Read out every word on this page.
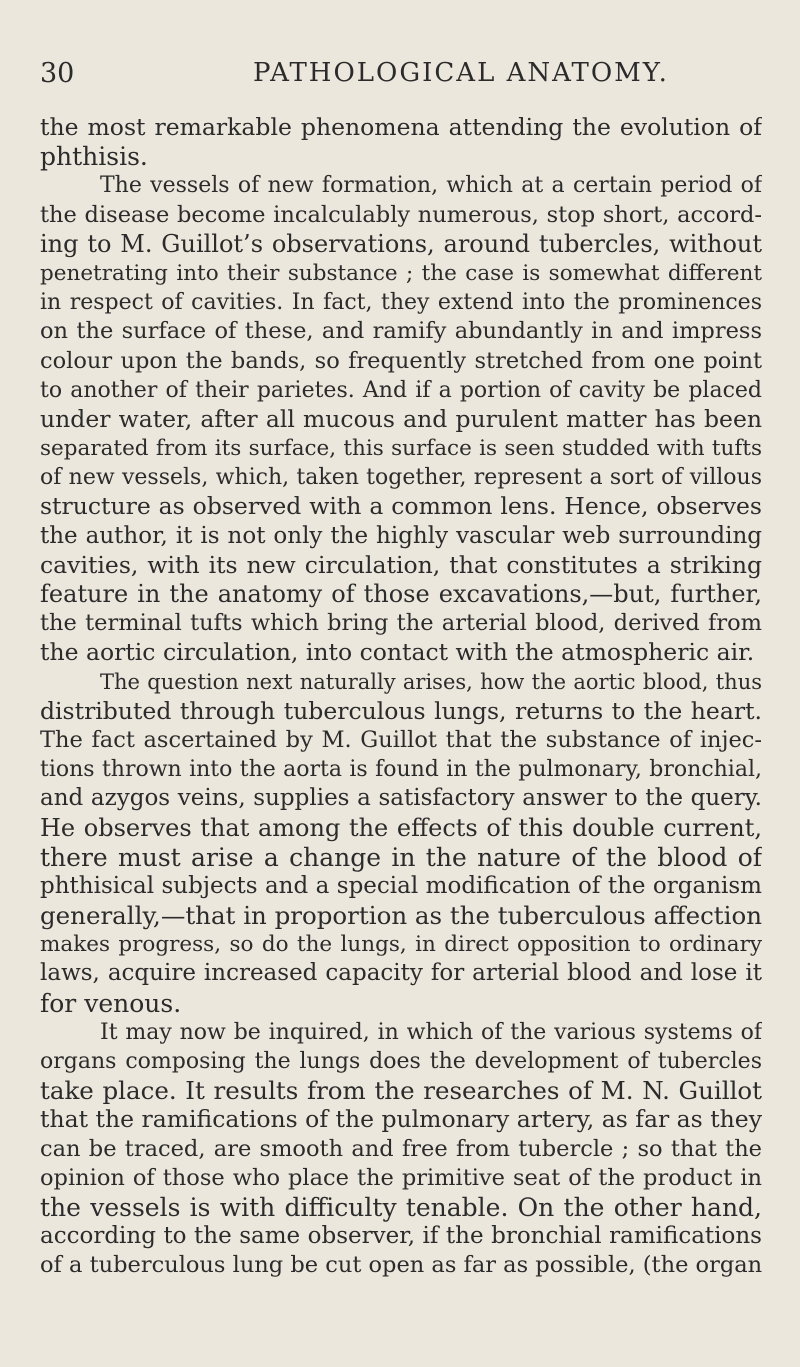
30	PATHOLOGICAL ANATOMY.
the most remarkable phenomena attending the evolution of
phthisis.
The vessels of new formation, which at a certain period of
the disease become incalculably numerous, stop short, accord-
ing to M. Guillot’s observations, around tubercles, without
penetrating into their substance ; the case is somewhat different
in respect of cavities. In fact, they extend into the prominences
on the surface of these, and ramify abundantly in and impress
colour upon the bands, so frequently stretched from one point
to another of their parietes. And if a portion of cavity be placed
under water, after all mucous and purulent matter has been
separated from its surface, this surface is seen studded with tufts
of new vessels, which, taken together, represent a sort of villous
structure as observed with a common lens. Hence, observes
the author, it is not only the highly vascular web surrounding
cavities, with its new circulation, that constitutes a striking
feature in the anatomy of those excavations,—but, further,
the terminal tufts which bring the arterial blood, derived from
the aortic circulation, into contact with the atmospheric air.
The question next naturally arises, how the aortic blood, thus
distributed through tuberculous lungs, returns to the heart.
The fact ascertained by M. Guillot that the substance of injec-
tions thrown into the aorta is found in the pulmonary, bronchial,
and azygos veins, supplies a satisfactory answer to the query.
He observes that among the effects of this double current,
there must arise a change in the nature of the blood of
phthisical subjects and a special modification of the organism
generally,—that in proportion as the tuberculous affection
makes progress, so do the lungs, in direct opposition to ordinary
laws, acquire increased capacity for arterial blood and lose it
for venous.
It may now be inquired, in which of the various systems of
organs composing the lungs does the development of tubercles
take place. It results from the researches of M. N. Guillot
that the ramifications of the pulmonary artery, as far as they
can be traced, are smooth and free from tubercle ; so that the
opinion of those who place the primitive seat of the product in
the vessels is with difficulty tenable. On the other hand,
according to the same observer, if the bronchial ramifications
of a tuberculous lung be cut open as far as possible, (the organ
